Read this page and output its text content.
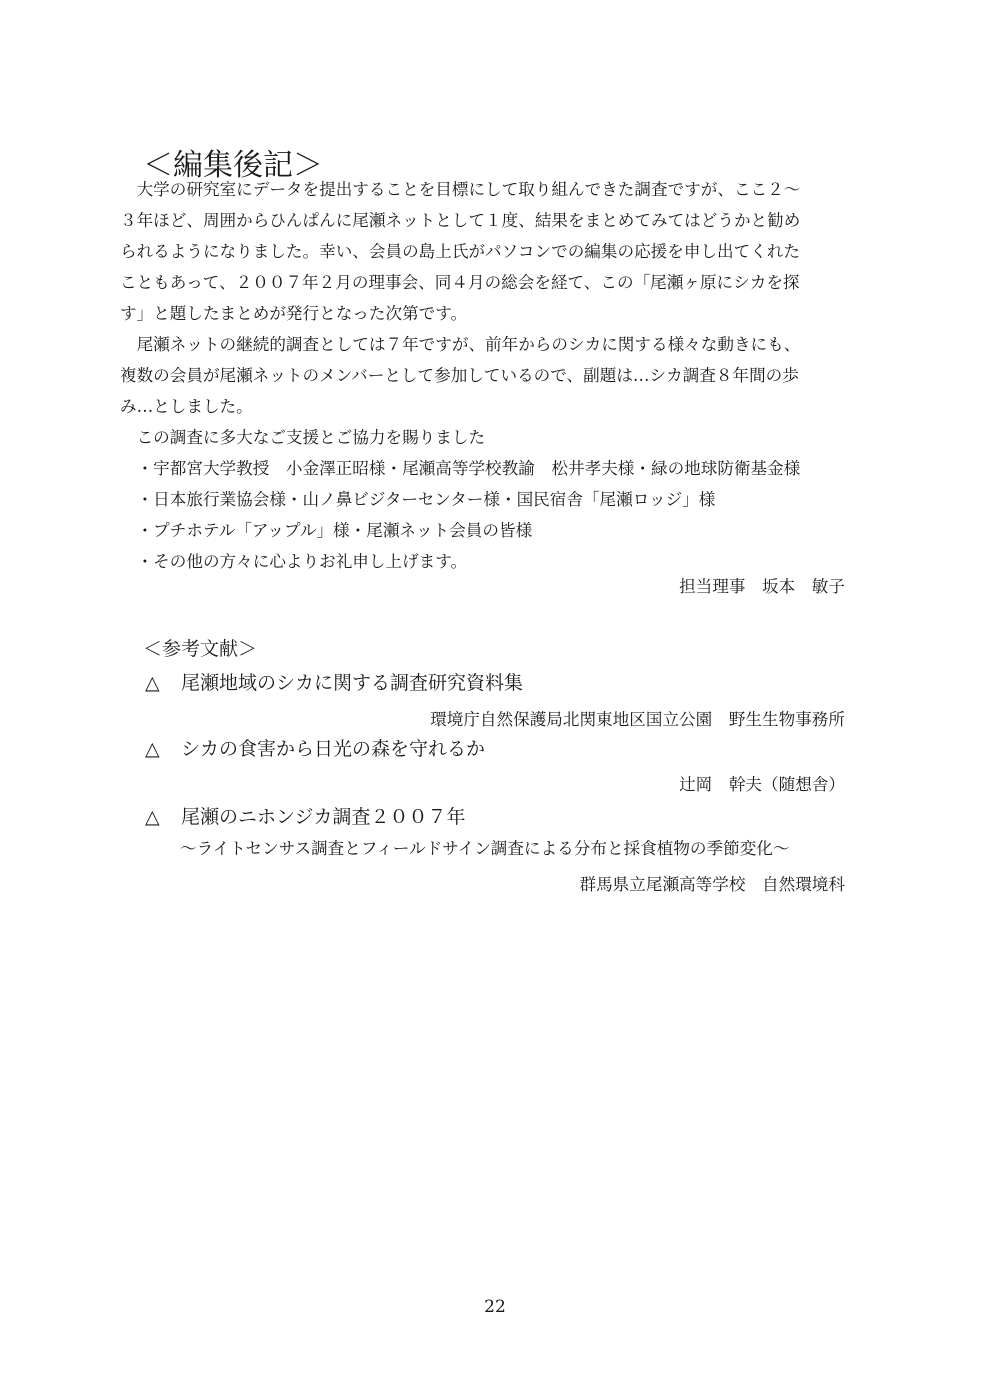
＜編集後記＞
　大学の研究室にデータを提出することを目標にして取り組んできた調査ですが、ここ２～
３年ほど、周囲からひんぱんに尾瀬ネットとして１度、結果をまとめてみてはどうかと勧め
られるようになりました。幸い、会員の島上氏がパソコンでの編集の応援を申し出てくれた
こともあって、２００７年２月の理事会、同４月の総会を経て、この「尾瀬ヶ原にシカを探
す」と題したまとめが発行となった次第です。
　尾瀬ネットの継続的調査としては７年ですが、前年からのシカに関する様々な動きにも、
複数の会員が尾瀬ネットのメンバーとして参加しているので、副題は…シカ調査８年間の歩
み…としました。
　この調査に多大なご支援とご協力を賜りました
　・宇都宮大学教授　小金澤正昭様・尾瀬高等学校教諭　松井孝夫様・緑の地球防衛基金様
　・日本旅行業協会様・山ノ鼻ビジターセンター様・国民宿舎「尾瀬ロッジ」様
　・プチホテル「アップル」様・尾瀬ネット会員の皆様
　・その他の方々に心よりお礼申し上げます。
担当理事　坂本　敏子
＜参考文献＞
△ 尾瀬地域のシカに関する調査研究資料集
環境庁自然保護局北関東地区国立公園　野生生物事務所
△ シカの食害から日光の森を守れるか
辻岡　幹夫（随想舎）
△ 尾瀬のニホンジカ調査２００７年
～ライトセンサス調査とフィールドサイン調査による分布と採食植物の季節変化～
群馬県立尾瀬高等学校　自然環境科
22
